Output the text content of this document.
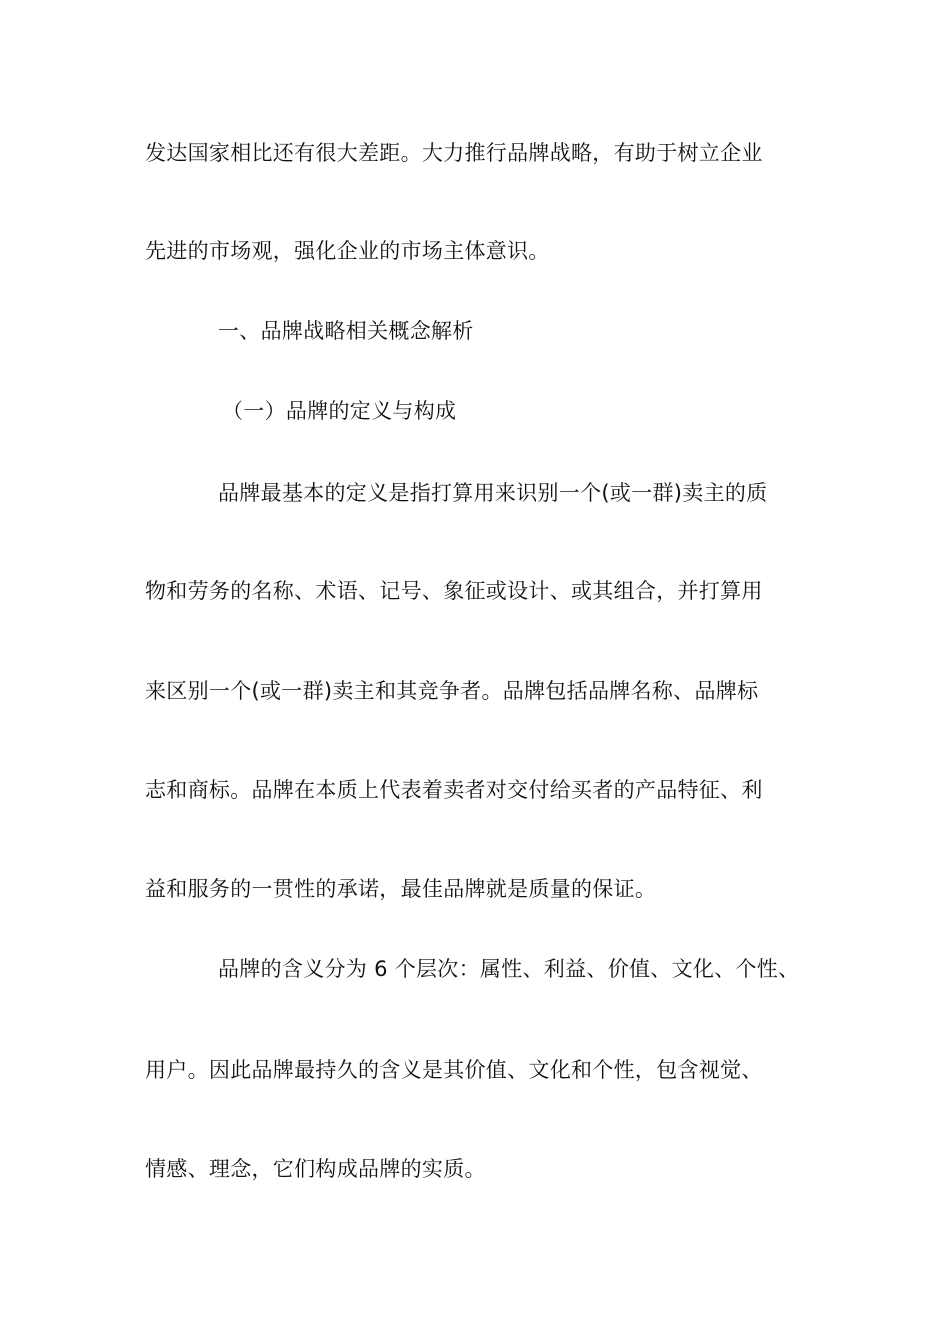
发达国家相比还有很大差距。大力推行品牌战略，有助于树立企业
先进的市场观，强化企业的市场主体意识。
一、品牌战略相关概念解析
（一）品牌的定义与构成
品牌最基本的定义是指打算用来识别一个(或一群)卖主的质
物和劳务的名称、术语、记号、象征或设计、或其组合，并打算用
来区别一个(或一群)卖主和其竞争者。品牌包括品牌名称、品牌标
志和商标。品牌在本质上代表着卖者对交付给买者的产品特征、利
益和服务的一贯性的承诺，最佳品牌就是质量的保证。
品牌的含义分为 6 个层次：属性、利益、价值、文化、个性、
用户。因此品牌最持久的含义是其价值、文化和个性，包含视觉、
情感、理念，它们构成品牌的实质。
